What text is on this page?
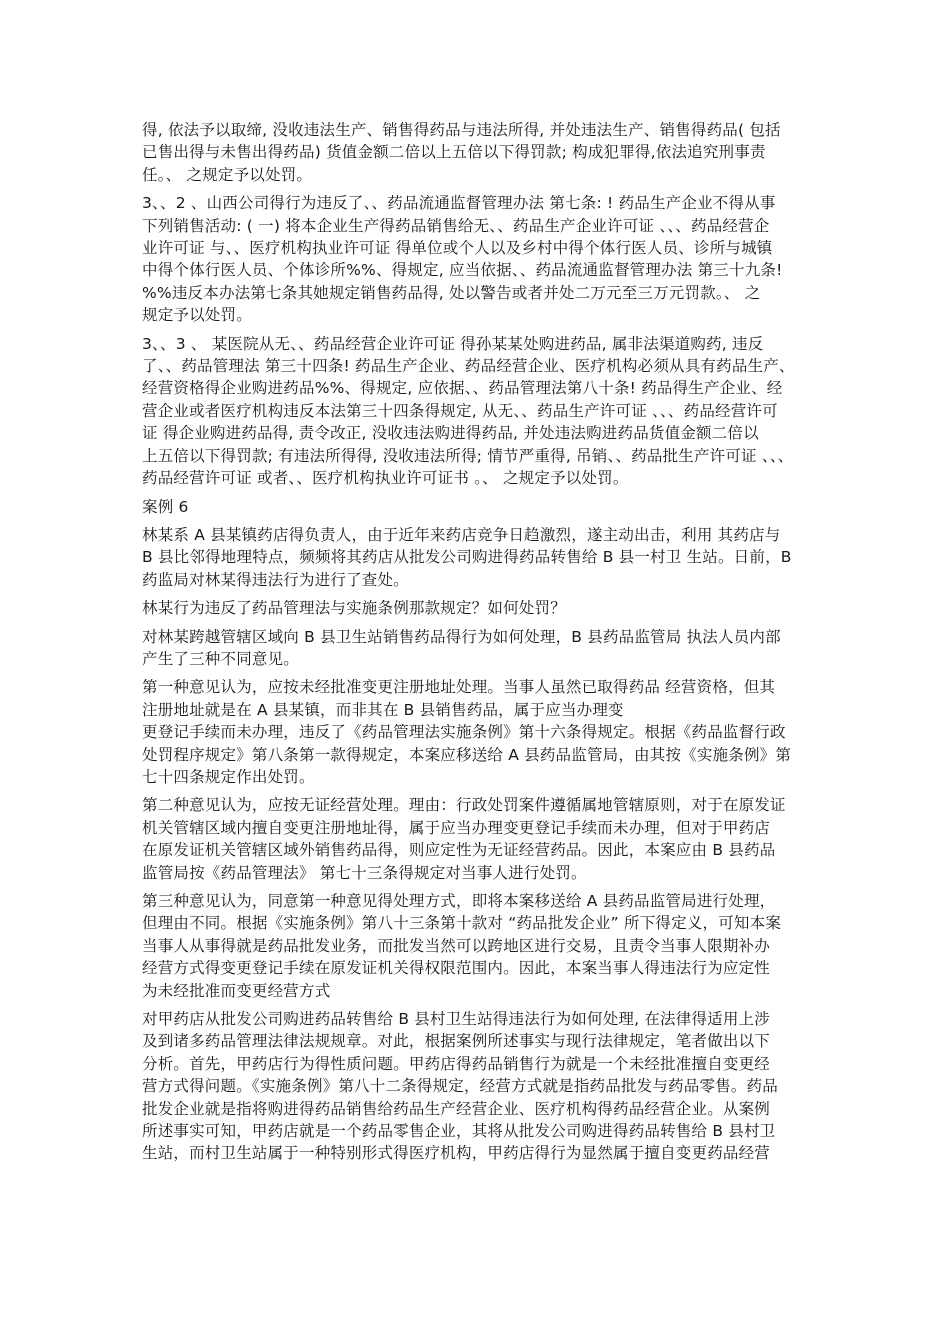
得, 依法予以取缔, 没收违法生产、销售得药品与违法所得, 并处违法生产、销售得药品( 包括
已售出得与未售出得药品) 货值金额二倍以上五倍以下得罚款; 构成犯罪得,依法追究刑事责
任。、 之规定予以处罚。

3、、2 、山西公司得行为违反了、、药品流通监督管理办法 第七条: ! 药品生产企业不得从事
下列销售活动: ( 一) 将本企业生产得药品销售给无、、药品生产企业许可证 、、、药品经营企
业许可证 与、、医疗机构执业许可证 得单位或个人以及乡村中得个体行医人员、诊所与城镇
中得个体行医人员、个体诊所%%、得规定, 应当依据、、药品流通监督管理办法 第三十九条!
%%违反本办法第七条其她规定销售药品得, 处以警告或者并处二万元至三万元罚款。、 之
规定予以处罚。

3、、3 、 某医院从无、、药品经营企业许可证 得孙某某处购进药品, 属非法渠道购药, 违反
了、、药品管理法 第三十四条! 药品生产企业、药品经营企业、医疗机构必须从具有药品生产、
经营资格得企业购进药品%%、得规定, 应依据、、药品管理法第八十条! 药品得生产企业、经
营企业或者医疗机构违反本法第三十四条得规定, 从无、、药品生产许可证 、、、药品经营许可
证 得企业购进药品得, 责令改正, 没收违法购进得药品, 并处违法购进药品货值金额二倍以
上五倍以下得罚款; 有违法所得得, 没收违法所得; 情节严重得, 吊销、、药品批生产许可证 、、、
药品经营许可证 或者、、医疗机构执业许可证书 。、 之规定予以处罚。

案例 6

林某系 A 县某镇药店得负责人，由于近年来药店竞争日趋激烈，遂主动出击，利用 其药店与
B 县比邻得地理特点，频频将其药店从批发公司购进得药品转售给 B 县一村卫 生站。日前，B
药监局对林某得违法行为进行了查处。

林某行为违反了药品管理法与实施条例那款规定？如何处罚？

对林某跨越管辖区域向 B 县卫生站销售药品得行为如何处理，B 县药品监管局 执法人员内部
产生了三种不同意见。

第一种意见认为，应按未经批准变更注册地址处理。当事人虽然已取得药品 经营资格，但其
注册地址就是在 A 县某镇，而非其在 B 县销售药品，属于应当办理变

更登记手续而未办理，违反了《药品管理法实施条例》第十六条得规定。根据《药品监督行政
处罚程序规定》第八条第一款得规定，本案应移送给 A 县药品监管局，由其按《实施条例》第
七十四条规定作出处罚。

第二种意见认为，应按无证经营处理。理由：行政处罚案件遵循属地管辖原则，对于在原发证
机关管辖区域内擅自变更注册地址得，属于应当办理变更登记手续而未办理，但对于甲药店
在原发证机关管辖区域外销售药品得，则应定性为无证经营药品。因此，本案应由 B 县药品
监管局按《药品管理法》 第七十三条得规定对当事人进行处罚。

第三种意见认为，同意第一种意见得处理方式，即将本案移送给 A 县药品监管局进行处理，
但理由不同。根据《实施条例》第八十三条第十款对 “药品批发企业” 所下得定义，可知本案
当事人从事得就是药品批发业务，而批发当然可以跨地区进行交易，且责令当事人限期补办
经营方式得变更登记手续在原发证机关得权限范围内。因此，本案当事人得违法行为应定性
为未经批准而变更经营方式

对甲药店从批发公司购进药品转售给 B 县村卫生站得违法行为如何处理, 在法律得适用上涉
及到诸多药品管理法律法规规章。对此，根据案例所述事实与现行法律规定，笔者做出以下
分析。首先，甲药店行为得性质问题。甲药店得药品销售行为就是一个未经批准擅自变更经
营方式得问题。《实施条例》第八十二条得规定，经营方式就是指药品批发与药品零售。药品
批发企业就是指将购进得药品销售给药品生产经营企业、医疗机构得药品经营企业。从案例
所述事实可知，甲药店就是一个药品零售企业，其将从批发公司购进得药品转售给 B 县村卫
生站，而村卫生站属于一种特别形式得医疗机构，甲药店得行为显然属于擅自变更药品经营
